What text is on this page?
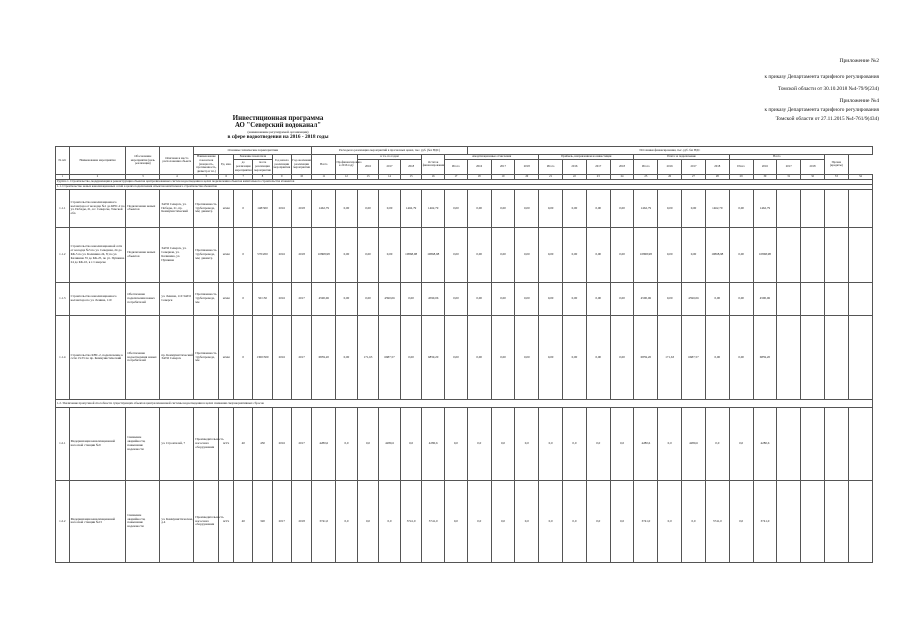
Приложение №2
к приказу Департамента тарифного регулирования
Томской области от 30.10.2018 №4-79/9(234)
Приложение №4
к приказу Департамента тарифного регулирования
Томской области от 27.11.2015 №4-761/9(434)
Инвестиционная программа
АО "Северский водоканал"
(наименование регулируемой организации)
в сфере водоотведения на 2016 - 2018 годы
№ п/п	Наименование мероприятия	Обоснование мероприятия (цель реализации)	Описание и место расположения объекта	Основные технические характеристики						Расходы на реализацию мероприятий в прогнозных ценах, тыс. руб. (без НДС)							Источники финансирования, тыс. руб. без НДС																
				Наименование показателя (мощность, протяженность, диаметр и т.п.)	Ед. изм.	Значение показателя		Год начала реализации мероприятия	Год окончания реализации мероприятия	Всего	Профинансировано к 2016 году	в т.ч. по годам			Остаток финансирования	Амортизационные отчисления				Прибыль, направленная на инвестиции				Плата за подключение				Всего				Прочие (кредиты)	
						до реализации мероприятия	после реализации мероприятия					2016	2017	2018		Итого	2016	2017	2018	Итого	2016	2017	2018	Итого	2016	2017	2018	Итого	2016	2017	2018		

1	2	3	4	5	6	7	8	9	10	11	12	13	14	15	16	17	18	19	20	21	22	23	24	25	26	27	28	29	30	31	32	33	34
Группа 1. Строительство, модернизация и реконструкция объектов централизованных систем водоотведения в целях подключения объектов капитального строительства абонентов																																	
1.1. Строительство новых канализационных сетей в целях подключения объектов капитального строительства абонентов																																	
1.1.1	Строительство канализационного коллектора от колодца №1 до КНС-2 по ул. Победы, 21, в г. Северске, Томской обл.	Подключение новых объектов	ЗАТО Северск, ул. Победы, 21, пр. Коммунистический	Протяженность трубопровода, мм; диаметр	м/мм	0	148/300	2016	2018	1462,79	0,00	0,00	0,00	1462,79	1462,79	0,00	0,00	0,00	0,00	0,00	0,00	0,00	0,00	1462,79	0,00	0,00	1462,79	0,00	1462,79				
1.1.2	Строительство канализационной сети от колодца №5 по ул. Северная, 24 до КК-5 по ул. Калинина 24, 8; по ул. Калинина 35 до КК-25, по ул. Пушкина 24 до КК-10, в г. Северске	Подключение новых объектов	ЗАТО Северск, ул. Северная, ул. Калинина, ул. Пушкина	Протяженность трубопровода, мм; диаметр	м/мм	0	570/200	2016	2018	10868,98	0,00	0,00	0,00	10868,98	10868,98	0,00	0,00	0,00	0,00	0,00	0,00	0,00	0,00	10868,98	0,00	0,00	10868,98	0,00	10868,98				
1.1.3	Строительство канализационного коллектора по ул. Ленина, 110	Обеспечение подключения новых потребителей	ул. Ленина, 110 ЗАТО Северск	Протяженность трубопровода, мм	м/мм	0	50/150	2016	2017	4590,06	0,00	0,00	4590,06	0,00	4590,06	0,00	0,00	0,00	0,00	0,00	0,00	0,00	0,00	4590,06	0,00	4590,06	0,00	0,00	4590,06				
1.1.4	Строительство КНС-2, подключение к сети 13-55 по пр. Коммунистический	Обеспечение водоотведения новых потребителей	пр. Коммунистический ЗАТО Северск	Протяженность трубопровода, мм	м/мм	0	1300/300	2016	2017	6859,20	0,00	171,63	6687,57	0,00	6859,20	0,00	0,00	0,00	0,00	0,00	0,00	0,00	0,00	6859,20	171,63	6687,57	0,00	0,00	6859,20				
1.2. Увеличение пропускной способности существующих объектов централизованной системы водоотведения в целях снижения сверхнормативных сбросов																																	
1.2.1	Модернизация канализационной насосной станции №9	Снижение аварийности, повышение надежности	ул. Строителей, 7	Производительность насосного оборудования	м3/ч	40	450	2016	2017	4280,6	0,0	0,0	4280,6	0,0	4280,6	0,0	0,0	0,0	0,0	0,0	0,0	0,0	0,0	4280,6	0,0	4280,6	0,0	0,0	4280,6				
1.2.2	Модернизация канализационной насосной станции №15	Снижение аварийности, повышение надежности	ул. Коммунистическая, д.4	Производительность насосного оборудования	м3/ч	40	320	2017	2018	3741,0	0,0	0,0	0,0	3741,0	3741,0	0,0	0,0	0,0	0,0	0,0	0,0	0,0	0,0	3741,0	0,0	0,0	3741,0	0,0	3741,0				
